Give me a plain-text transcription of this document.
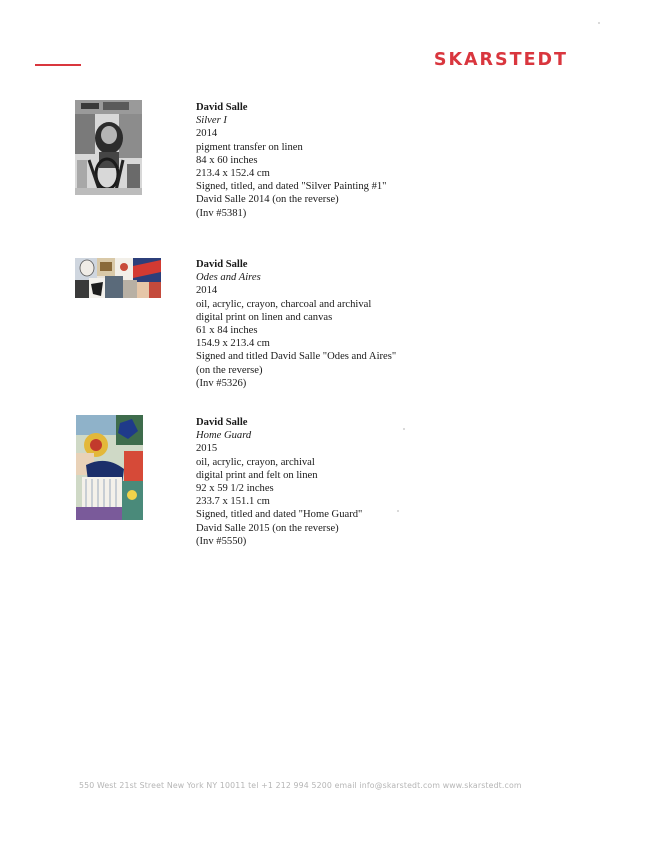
SKARSTEDT
David Salle
Silver I
2014
pigment transfer on linen
84 x 60 inches
213.4 x 152.4 cm
Signed, titled, and dated "Silver Painting #1"
David Salle 2014 (on the reverse)
(Inv #5381)
David Salle
Odes and Aires
2014
oil, acrylic, crayon, charcoal and archival
digital print on linen and canvas
61 x 84 inches
154.9 x 213.4 cm
Signed and titled David Salle "Odes and Aires"
(on the reverse)
(Inv #5326)
David Salle
Home Guard
2015
oil, acrylic, crayon, archival
digital print and felt on linen
92 x 59 1/2 inches
233.7 x 151.1 cm
Signed, titled and dated "Home Guard"
David Salle 2015 (on the reverse)
(Inv #5550)
550 West 21st Street New York NY 10011 tel +1 212 994 5200 email info@skarstedt.com www.skarstedt.com
